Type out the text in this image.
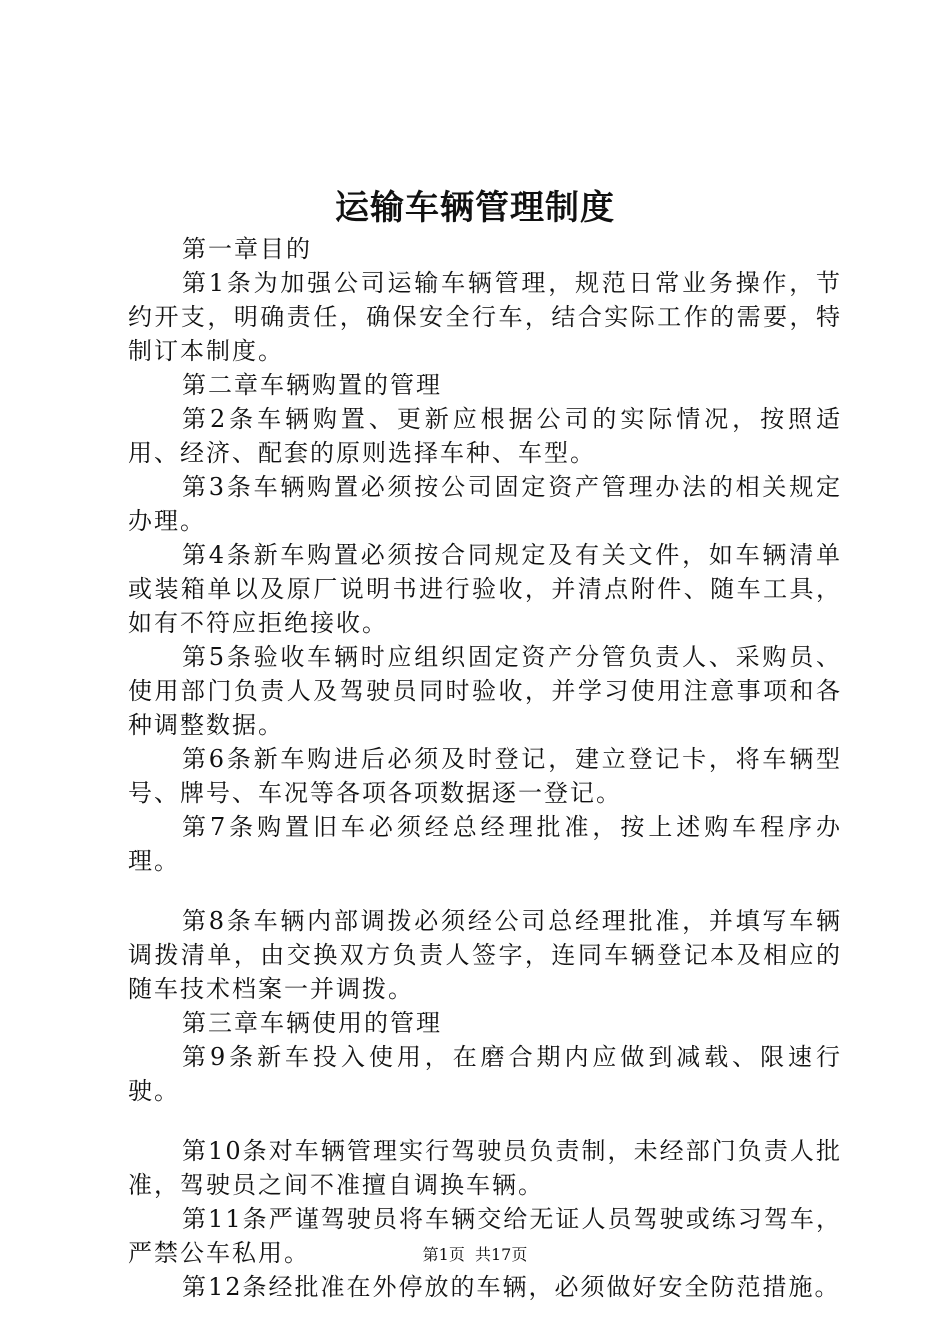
运输车辆管理制度

第一章目的

第1条为加强公司运输车辆管理，规范日常业务操作，节约开支，明确责任，确保安全行车，结合实际工作的需要，特制订本制度。

第二章车辆购置的管理

第2条车辆购置、更新应根据公司的实际情况，按照适用、经济、配套的原则选择车种、车型。

第3条车辆购置必须按公司固定资产管理办法的相关规定办理。

第4条新车购置必须按合同规定及有关文件，如车辆清单或装箱单以及原厂说明书进行验收，并清点附件、随车工具，如有不符应拒绝接收。

第5条验收车辆时应组织固定资产分管负责人、采购员、使用部门负责人及驾驶员同时验收，并学习使用注意事项和各种调整数据。

第6条新车购进后必须及时登记，建立登记卡，将车辆型号、牌号、车况等各项各项数据逐一登记。

第7条购置旧车必须经总经理批准，按上述购车程序办理。

第8条车辆内部调拨必须经公司总经理批准，并填写车辆调拨清单，由交换双方负责人签字，连同车辆登记本及相应的随车技术档案一并调拨。

第三章车辆使用的管理

第9条新车投入使用，在磨合期内应做到减载、限速行驶。

第10条对车辆管理实行驾驶员负责制，未经部门负责人批准，驾驶员之间不准擅自调换车辆。

第11条严谨驾驶员将车辆交给无证人员驾驶或练习驾车，严禁公车私用。

第12条经批准在外停放的车辆，必须做好安全防范措施。

第1页  共17页
